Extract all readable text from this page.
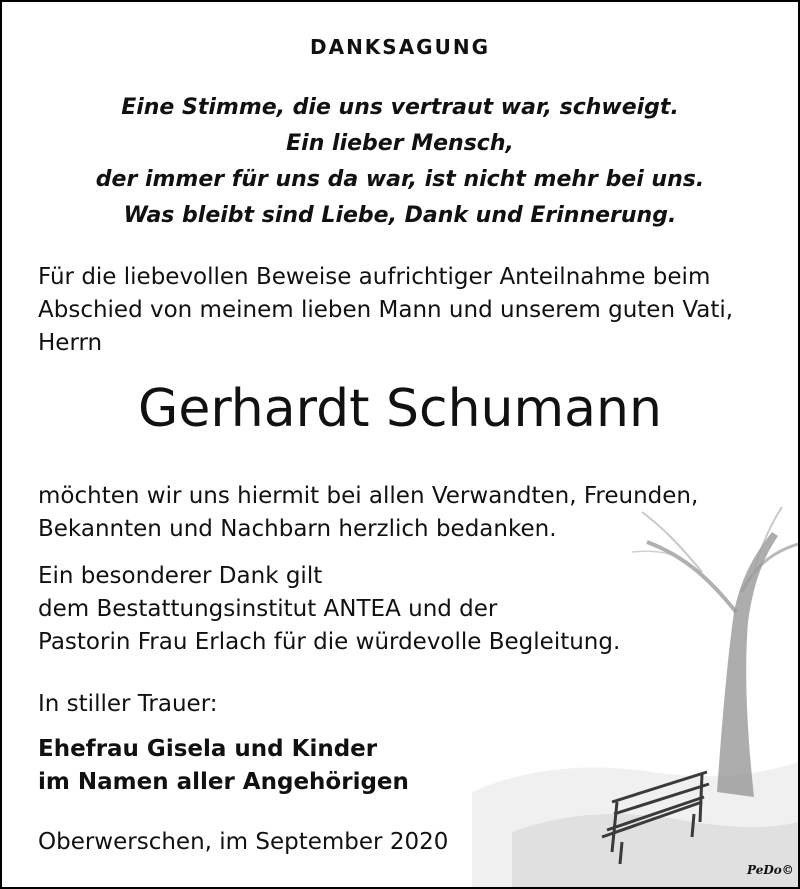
PeDo©
DANKSAGUNG
Eine Stimme, die uns vertraut war, schweigt.
Ein lieber Mensch,
der immer für uns da war, ist nicht mehr bei uns.
Was bleibt sind Liebe, Dank und Erinnerung.
Für die liebevollen Beweise aufrichtiger Anteilnahme beim
Abschied von meinem lieben Mann und unserem guten Vati,
Herrn
Gerhardt Schumann
möchten wir uns hiermit bei allen Verwandten, Freunden,
Bekannten und Nachbarn herzlich bedanken.
Ein besonderer Dank gilt
dem Bestattungsinstitut ANTEA und der
Pastorin Frau Erlach für die würdevolle Begleitung.
In stiller Trauer:
Ehefrau Gisela und Kinder
im Namen aller Angehörigen
Oberwerschen, im September 2020
